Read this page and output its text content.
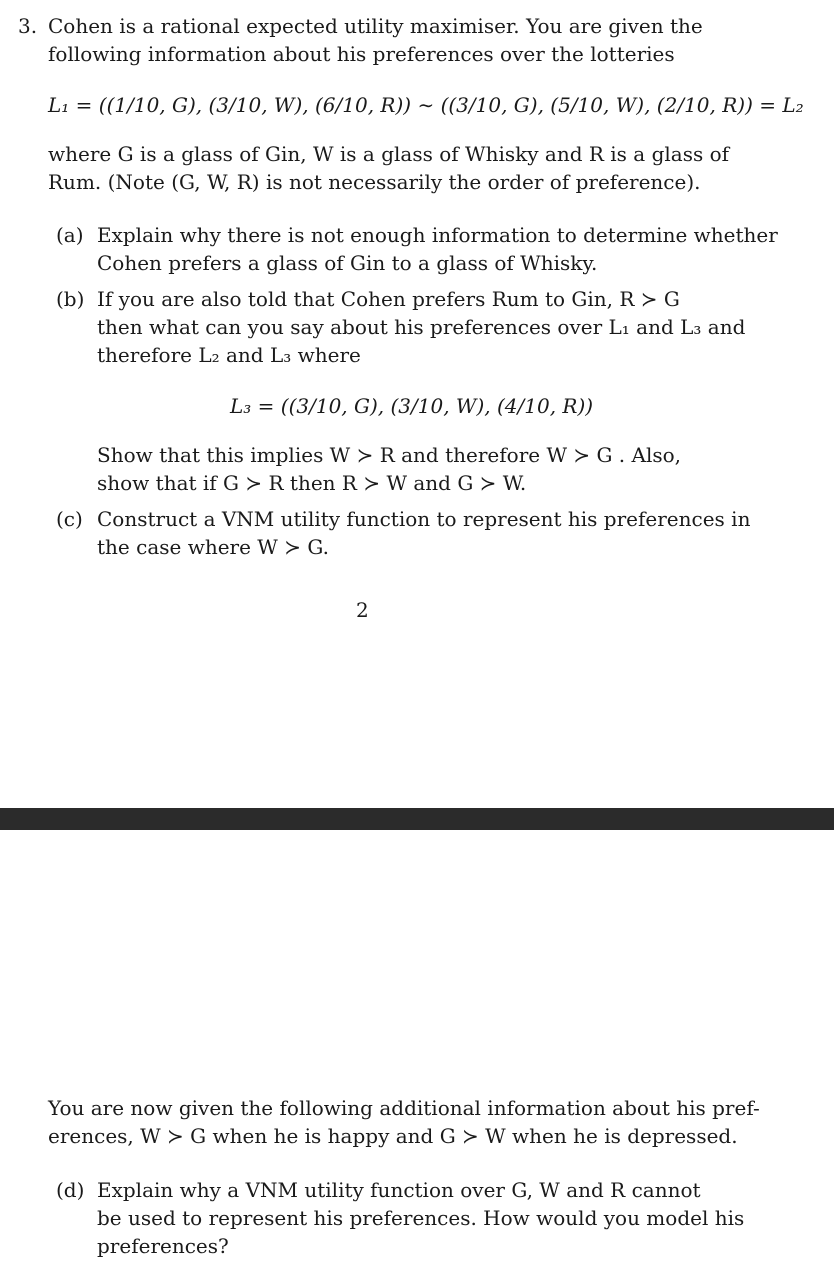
3. Cohen is a rational expected utility maximiser. You are given the
following information about his preferences over the lotteries
L₁ = ((1/10, G), (3/10, W), (6/10, R)) ∼ ((3/10, G), (5/10, W), (2/10, R)) = L₂
where G is a glass of Gin, W is a glass of Whisky and R is a glass of
Rum. (Note (G, W, R) is not necessarily the order of preference).
(a) Explain why there is not enough information to determine whether
Cohen prefers a glass of Gin to a glass of Whisky.
(b) If you are also told that Cohen prefers Rum to Gin, R ≻ G
then what can you say about his preferences over L₁ and L₃ and
therefore L₂ and L₃ where
L₃ = ((3/10, G), (3/10, W), (4/10, R))
Show that this implies W ≻ R and therefore W ≻ G . Also,
show that if G ≻ R then R ≻ W and G ≻ W.
(c) Construct a VNM utility function to represent his preferences in
the case where W ≻ G.
2
You are now given the following additional information about his pref-
erences, W ≻ G when he is happy and G ≻ W when he is depressed.
(d) Explain why a VNM utility function over G, W and R cannot
be used to represent his preferences. How would you model his
preferences?
